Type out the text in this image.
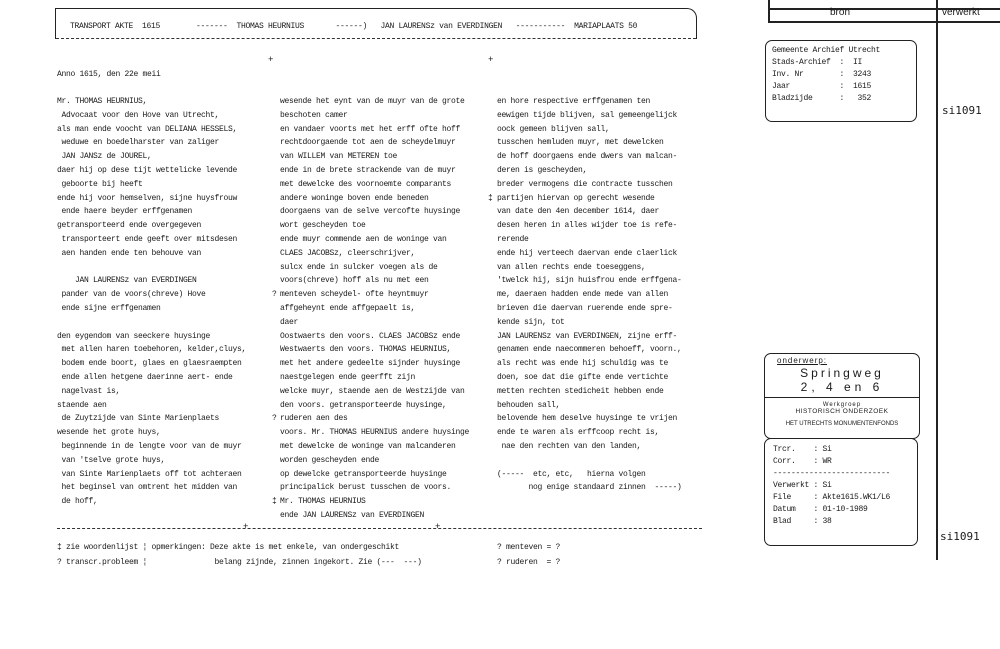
TRANSPORT AKTE  1615        -------  THOMAS HEURNIUS       ------)   JAN LAURENSz van EVERDINGEN   -----------  MARIAPLAATS 50
+	+
Anno 1615, den 22e meii
Mr. THOMAS HEURNIUS,
Advocaat voor den Hove van Utrecht,
als man ende voocht van DELIANA HESSELS,
weduwe en boedelharster van zaliger
JAN JANSz de JOUREL,
daer hij op dese tijt wettelicke levende
geboorte bij heeft
ende hij voor hemselven, sijne huysfrouw
ende haere beyder erffgenamen
getransporteerd ende overgegeven
transporteert ende geeft over mitsdesen
aen handen ende ten behouve van
JAN LAURENSz van EVERDINGEN
pander van de voors(chreve) Hove
ende sijne erffgenamen
den eygendom van seeckere huysinge
met allen haren toebehoren, kelder,cluys,
bodem ende boort, glaes en glaesraempten
ende allen hetgene daerinne aert- ende
nagelvast is,
staende aen
de Zuytzijde van Sinte Marienplaets
wesende het grote huys,
beginnende in de lengte voor van de muyr
van 'tselve grote huys,
van Sinte Marienplaets off tot achteraen
het beginsel van omtrent het midden van
de hoff,
wesende het eynt van de muyr van de grote
beschoten camer
en vandaer voorts met het erff ofte hoff
rechtdoorgaende tot aen de scheydelmuyr
van WILLEM van METEREN toe
ende in de brete strackende van de muyr
met dewelcke des voornoemte comparants
andere woninge boven ende beneden	‡
doorgaens van de selve vercofte huysinge
wort gescheyden toe
ende muyr commende aen de woninge van
CLAES JACOBSz, cleerschrijver,
sulcx ende in sulcker voegen als de
voors(chreve) hoff als nu met een
menteven scheydel- ofte heyntmuyr
?
affgeheynt ende affgepaelt is,
daer
Oostwaerts den voors. CLAES JACOBSz ende
Westwaerts den voors. THOMAS HEURNIUS,
met het andere gedeelte sijnder huysinge
naestgelegen ende geerfft zijn
welcke muyr, staende aen de Westzijde van
den voors. getransporteerde huysinge,
ruderen aen des
?
voors. Mr. THOMAS HEURNIUS andere huysinge
met dewelcke de woninge van malcanderen
worden gescheyden ende
op dewelcke getransporteerde huysinge
principalick berust tusschen de voors.
Mr. THOMAS HEURNIUS
‡
ende JAN LAURENSz van EVERDINGEN
en hore respective erffgenamen ten
eewigen tijde blijven, sal gemeengelijck
oock gemeen blijven sall,
tusschen hemluden muyr, met dewelcken
de hoff doorgaens ende dwers van malcan-
deren is gescheyden,
breder vermogens die contracte tusschen
partijen hiervan op gerecht wesende
van date den 4en december 1614, daer
desen heren in alles wijder toe is refe-
rerende
ende hij verteech daervan ende claerlick
van allen rechts ende toeseggens,
'twelck hij, sijn huisfrou ende erffgena-
me, daeraen hadden ende mede van allen
brieven die daervan ruerende ende spre-
kende sijn, tot
JAN LAURENSz van EVERDINGEN, zijne erff-
genamen ende naecommeren behoeff, voorn.,
als recht was ende hij schuldig was te
doen, soe dat die gifte ende vertichte
metten rechten stedicheit hebben ende
behouden sall,
belovende hem deselve huysinge te vrijen
ende te waren als erffcoop recht is,
nae den rechten van den landen,
(-----  etc, etc,   hierna volgen
nog enige standaard zinnen  -----)
+	+
‡ zie woordenlijst ¦ opmerkingen: Deze akte is met enkele, van ondergeschikt
? transcr.probleem ¦               belang zijnde, zinnen ingekort. Zie (---  ---)
? menteven = ?
? ruderen  = ?
bron	verwerkt
Gemeente Archief Utrecht
Stads-Archief  :  II
Inv. Nr        :  3243
Jaar           :  1615
Bladzijde      :   352
si1091
onderwerp:
Springweg
2, 4 en 6
Werkgroep
HISTORISCH ONDERZOEK
HET UTRECHTS MONUMENTENFONDS
Trcr.    : Si
Corr.    : WR
--------------------------
Verwerkt : Si
File     : Akte1615.WK1/L6
Datum    : 01-10-1989
Blad     : 38
si1091
